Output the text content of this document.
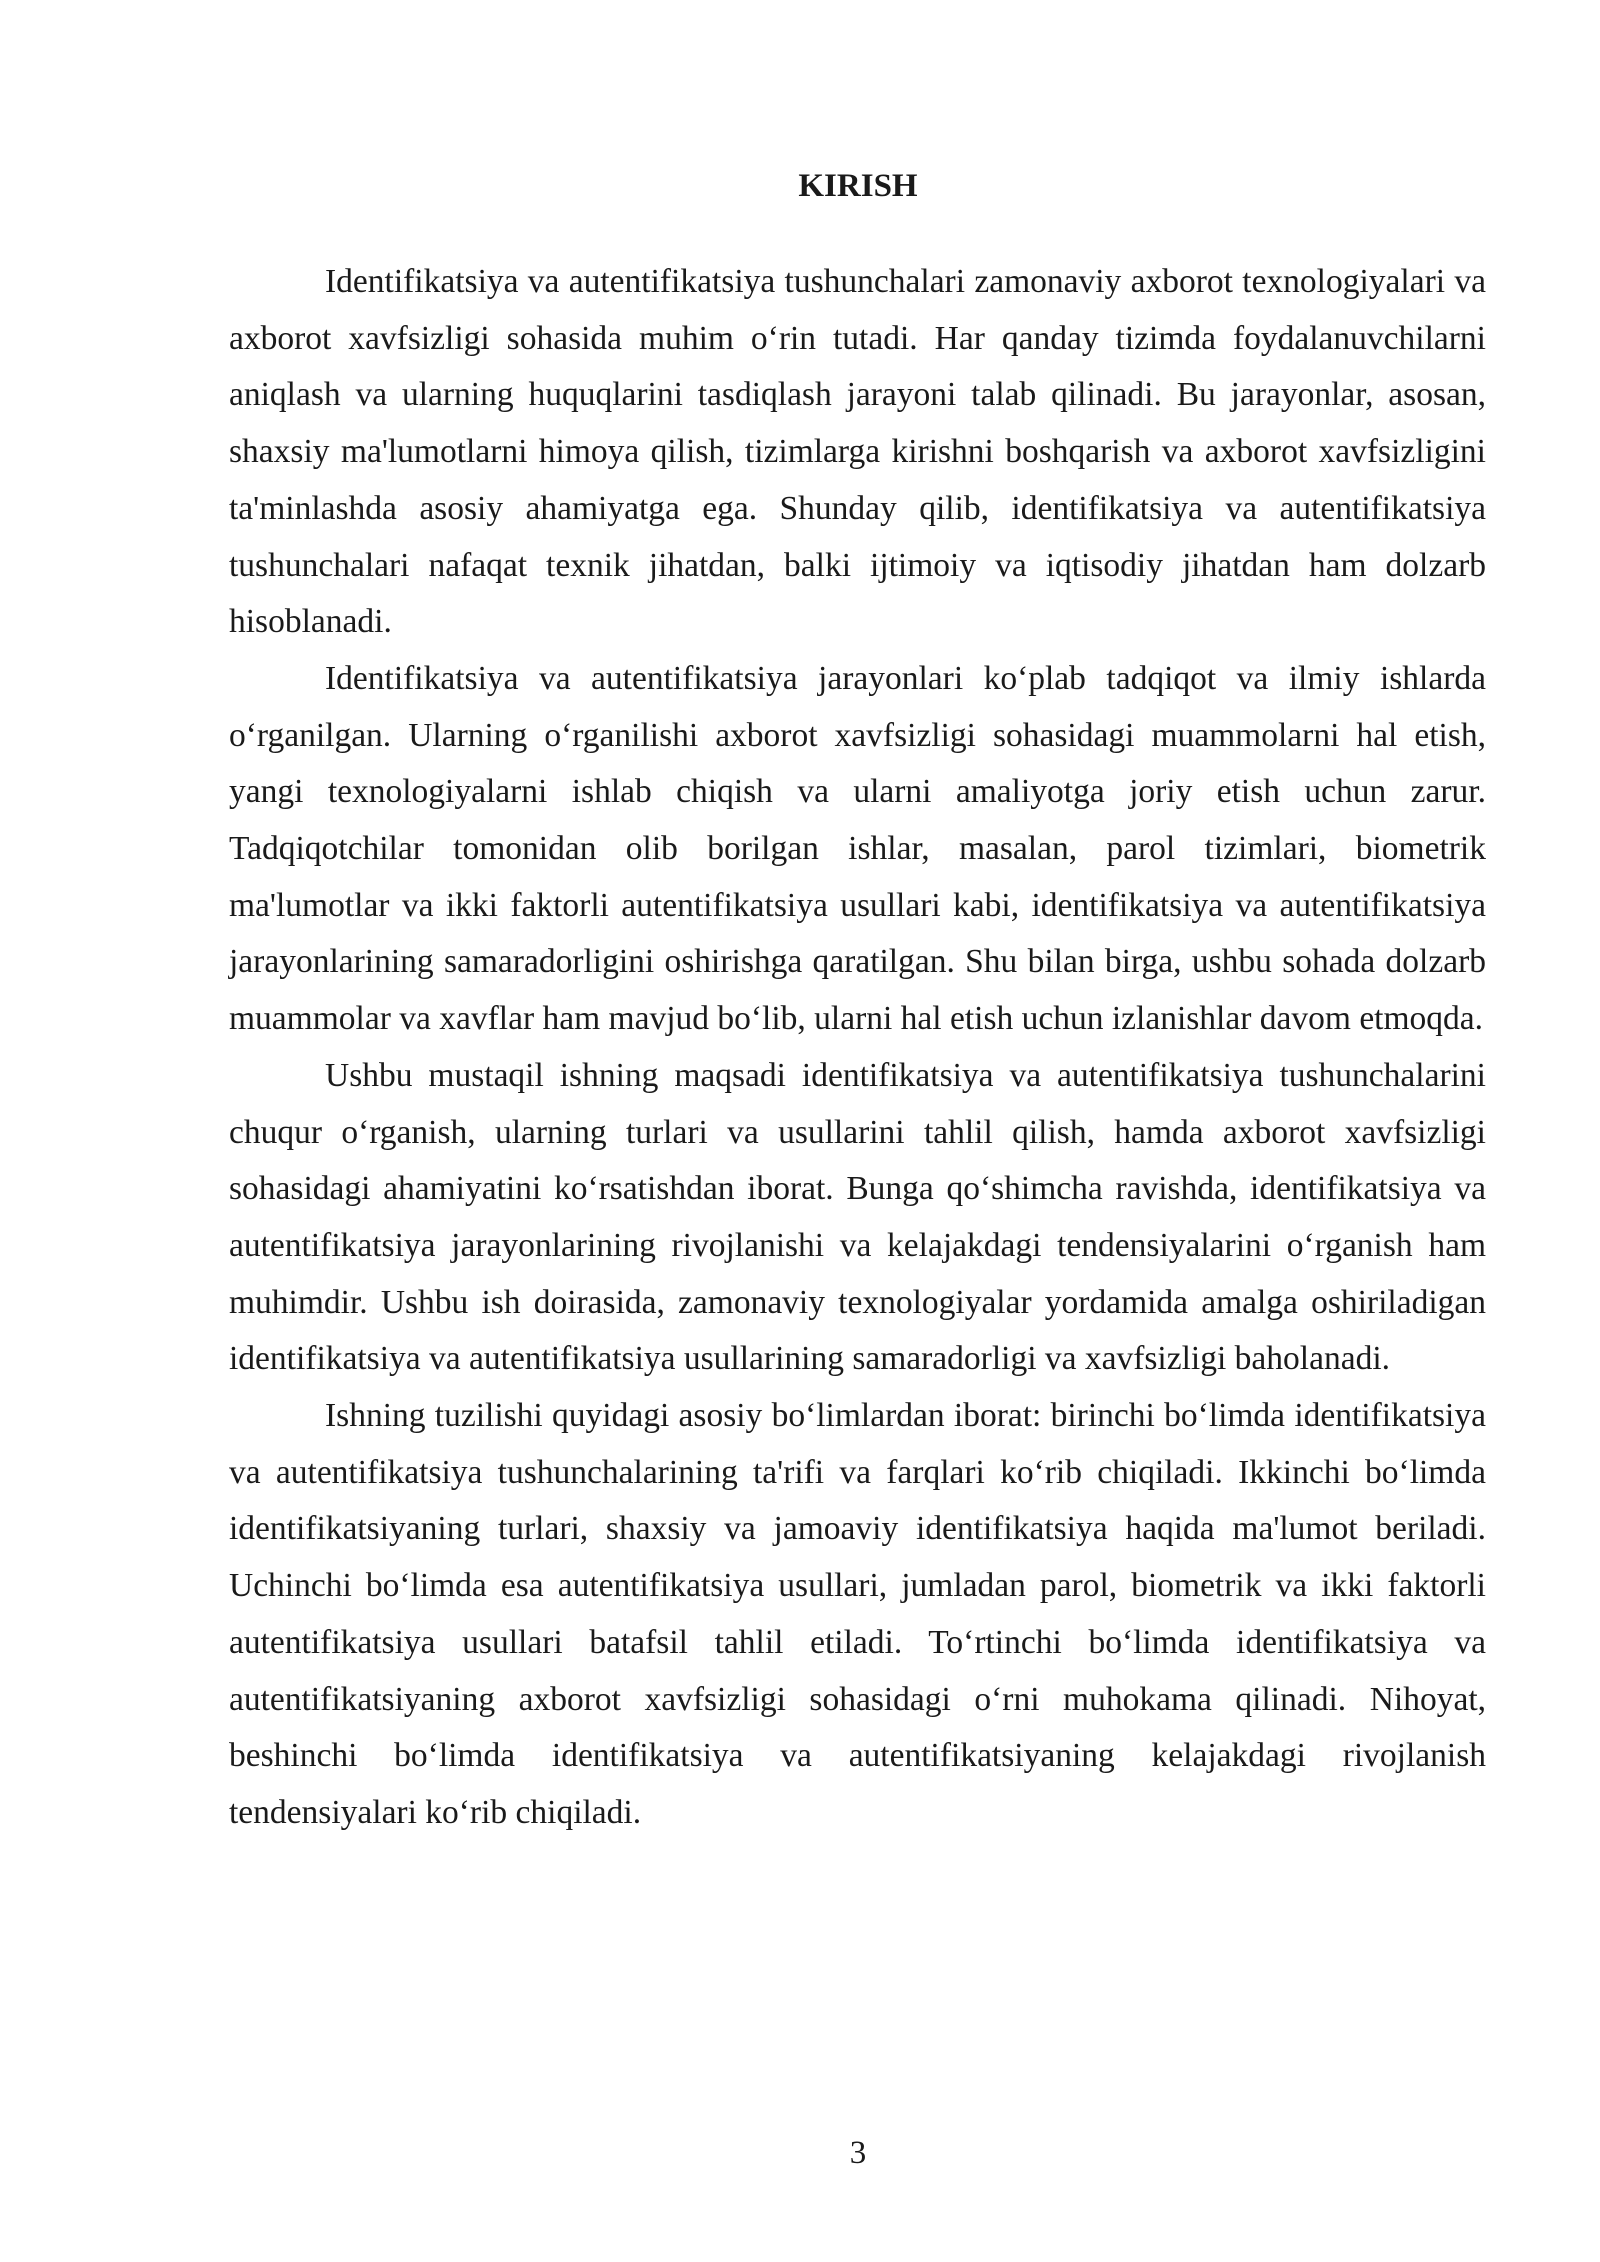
KIRISH

Identifikatsiya va autentifikatsiya tushunchalari zamonaviy axborot texnologiyalari va axborot xavfsizligi sohasida muhim o‘rin tutadi. Har qanday tizimda foydalanuvchilarni aniqlash va ularning huquqlarini tasdiqlash jarayoni talab qilinadi. Bu jarayonlar, asosan, shaxsiy ma'lumotlarni himoya qilish, tizimlarga kirishni boshqarish va axborot xavfsizligini ta'minlashda asosiy ahamiyatga ega. Shunday qilib, identifikatsiya va autentifikatsiya tushunchalari nafaqat texnik jihatdan, balki ijtimoiy va iqtisodiy jihatdan ham dolzarb hisoblanadi.

Identifikatsiya va autentifikatsiya jarayonlari ko‘plab tadqiqot va ilmiy ishlarda o‘rganilgan. Ularning o‘rganilishi axborot xavfsizligi sohasidagi muammolarni hal etish, yangi texnologiyalarni ishlab chiqish va ularni amaliyotga joriy etish uchun zarur. Tadqiqotchilar tomonidan olib borilgan ishlar, masalan, parol tizimlari, biometrik ma'lumotlar va ikki faktorli autentifikatsiya usullari kabi, identifikatsiya va autentifikatsiya jarayonlarining samaradorligini oshirishga qaratilgan. Shu bilan birga, ushbu sohada dolzarb muammolar va xavflar ham mavjud bo‘lib, ularni hal etish uchun izlanishlar davom etmoqda.

Ushbu mustaqil ishning maqsadi identifikatsiya va autentifikatsiya tushunchalarini chuqur o‘rganish, ularning turlari va usullarini tahlil qilish, hamda axborot xavfsizligi sohasidagi ahamiyatini ko‘rsatishdan iborat. Bunga qo‘shimcha ravishda, identifikatsiya va autentifikatsiya jarayonlarining rivojlanishi va kelajakdagi tendensiyalarini o‘rganish ham muhimdir. Ushbu ish doirasida, zamonaviy texnologiyalar yordamida amalga oshiriladigan identifikatsiya va autentifikatsiya usullarining samaradorligi va xavfsizligi baholanadi.

Ishning tuzilishi quyidagi asosiy bo‘limlardan iborat: birinchi bo‘limda identifikatsiya va autentifikatsiya tushunchalarining ta'rifi va farqlari ko‘rib chiqiladi. Ikkinchi bo‘limda identifikatsiyaning turlari, shaxsiy va jamoaviy identifikatsiya haqida ma'lumot beriladi. Uchinchi bo‘limda esa autentifikatsiya usullari, jumladan parol, biometrik va ikki faktorli autentifikatsiya usullari batafsil tahlil etiladi. To‘rtinchi bo‘limda identifikatsiya va autentifikatsiyaning axborot xavfsizligi sohasidagi o‘rni muhokama qilinadi. Nihoyat, beshinchi bo‘limda identifikatsiya va autentifikatsiyaning kelajakdagi rivojlanish tendensiyalari ko‘rib chiqiladi.

3
